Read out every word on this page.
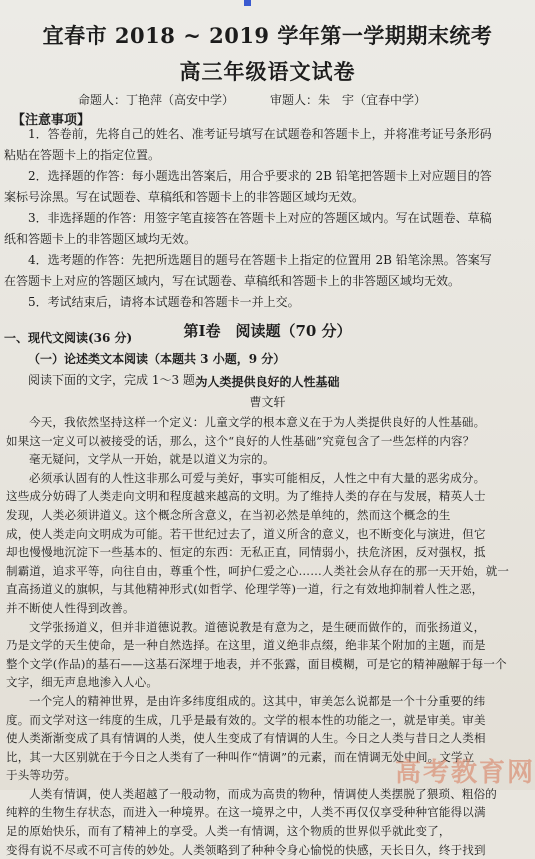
宜春市 2018 ~ 2019 学年第一学期期末统考
高三年级语文试卷
命题人：丁艳萍（高安中学）	审题人：朱　宇（宜春中学）
【注意事项】
1．答卷前，先将自己的姓名、准考证号填写在试题卷和答题卡上，并将准考证号条形码
粘贴在答题卡上的指定位置。
2．选择题的作答：每小题选出答案后，用合乎要求的 2B 铅笔把答题卡上对应题目的答
案标号涂黑。写在试题卷、草稿纸和答题卡上的非答题区域均无效。
3．非选择题的作答：用签字笔直接答在答题卡上对应的答题区域内。写在试题卷、草稿
纸和答题卡上的非答题区域均无效。
4．选考题的作答：先把所选题目的题号在答题卡上指定的位置用 2B 铅笔涂黑。答案写
在答题卡上对应的答题区域内，写在试题卷、草稿纸和答题卡上的非答题区域均无效。
5．考试结束后，请将本试题卷和答题卡一并上交。
第Ⅰ卷　阅读题（70 分）
一、现代文阅读(36 分)
（一）论述类文本阅读（本题共 3 小题，9 分）
阅读下面的文字，完成 1～3 题。
为人类提供良好的人性基础
曹文轩
今天，我依然坚持这样一个定义：儿童文学的根本意义在于为人类提供良好的人性基础。
如果这一定义可以被接受的话，那么，这个“良好的人性基础”究竟包含了一些怎样的内容？
毫无疑问，文学从一开始，就是以道义为宗的。
必须承认固有的人性这非那么可爱与美好，事实可能相反，人性之中有大量的恶劣成分。
这些成分妨碍了人类走向文明和程度越来越高的文明。为了维持人类的存在与发展，精英人士
发现，人类必须讲道义。这个概念所含意义，在当初必然是单纯的，然而这个概念的生
成，使人类走向文明成为可能。若干世纪过去了，道义所含的意义，也不断变化与演进，但它
却也慢慢地沉淀下一些基本的、恒定的东西：无私正直，同情弱小，扶危济困，反对强权，抵
制霸道，追求平等，向往自由，尊重个性，呵护仁爱之心……人类社会从存在的那一天开始，就一
直高扬道义的旗帜，与其他精神形式(如哲学、伦理学等)一道，行之有效地抑制着人性之恶，
并不断使人性得到改善。
文学张扬道义，但并非道德说教。道德说教是有意为之，是生硬而做作的，而张扬道义，
乃是文学的天生使命，是一种自然选择。在这里，道义绝非点缀，绝非某个附加的主题，而是
整个文学(作品)的基石——这基石深埋于地表，并不张露，面目模糊，可是它的精神融解于每一个
文字，细无声息地渗入人心。
一个完人的精神世界，是由许多纬度组成的。这其中，审美怎么说都是一个十分重要的纬
度。而文学对这一纬度的生成，几乎是最有效的。文学的根本性的功能之一，就是审美。审美
使人类渐渐变成了具有情调的人类，使人生变成了有情调的人生。今日之人类与昔日之人类相
比，其一大区别就在于今日之人类有了一种叫作“情调”的元素，而在情调无处中间。文学立
于头等功劳。
人类有情调，使人类超越了一般动物，而成为高贵的物种，情调使人类摆脱了猥琐、粗俗的
纯粹的生物生存状态，而进入一种境界。在这一境界之中，人类不再仅仅享受种种官能得以满
足的原始快乐，而有了精神上的享受。人类一有情调，这个物质的世界似乎就此变了，
变得有说不尽或不可言传的妙处。人类领略到了种种令身心愉悦的快感，天长日久，终于找到
高考教育网
